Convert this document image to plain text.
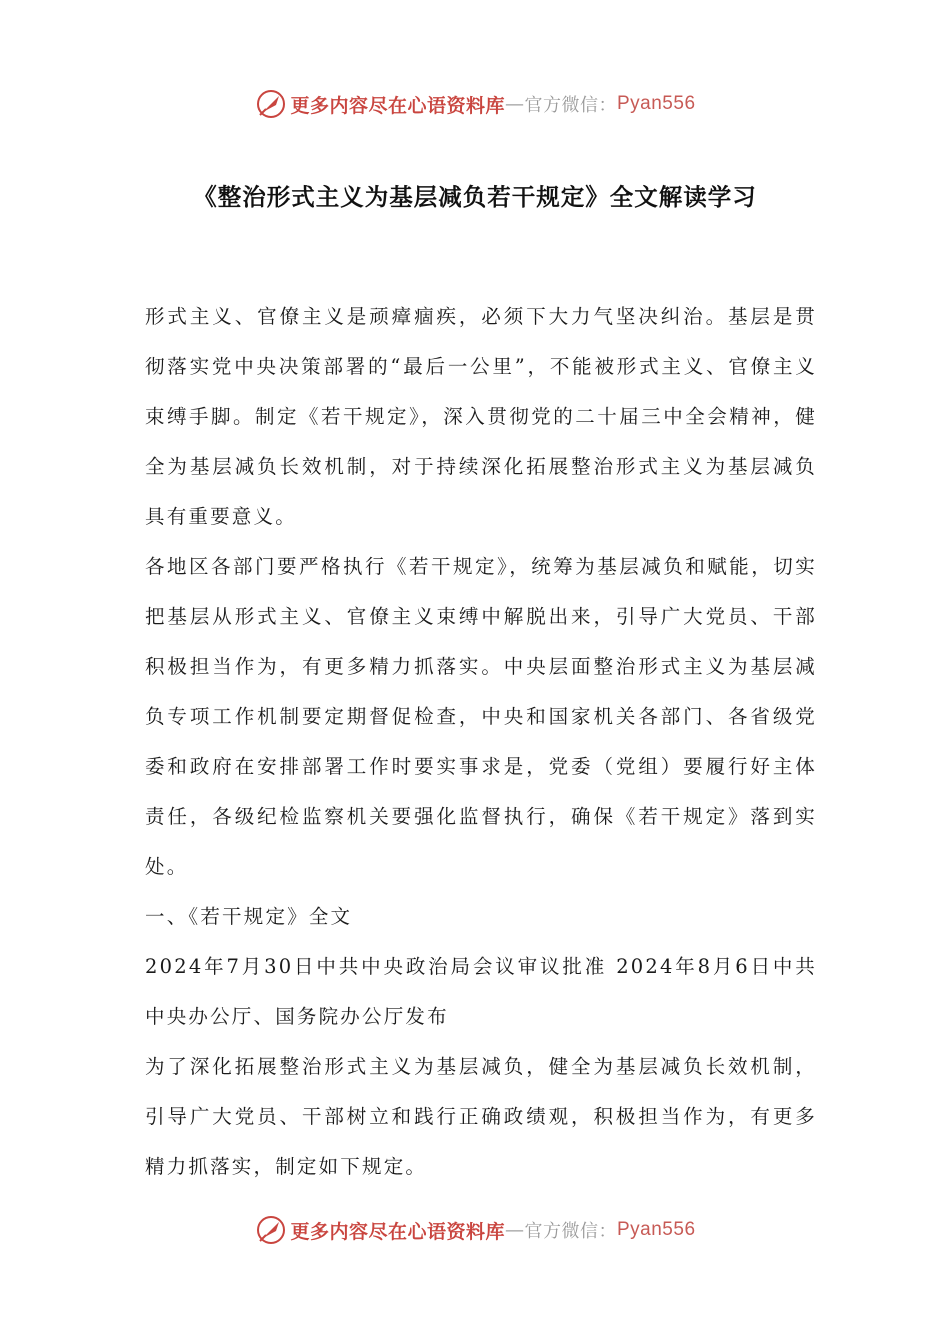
更多内容尽在心语资料库 — 官方微信： Pyan556
《整治形式主义为基层减负若干规定》全文解读学习

形式主义、官僚主义是顽瘴痼疾，必须下大力气坚决纠治。基层是贯彻落实党中央决策部署的“最后一公里”，不能被形式主义、官僚主义束缚手脚。制定《若干规定》，深入贯彻党的二十届三中全会精神，健全为基层减负长效机制，对于持续深化拓展整治形式主义为基层减负具有重要意义。

各地区各部门要严格执行《若干规定》，统筹为基层减负和赋能，切实把基层从形式主义、官僚主义束缚中解脱出来，引导广大党员、干部积极担当作为，有更多精力抓落实。中央层面整治形式主义为基层减负专项工作机制要定期督促检查，中央和国家机关各部门、各省级党委和政府在安排部署工作时要实事求是，党委（党组）要履行好主体责任，各级纪检监察机关要强化监督执行，确保《若干规定》落到实处。

一、《若干规定》全文

2024年7月30日中共中央政治局会议审议批准 2024年8月6日中共中央办公厅、国务院办公厅发布

为了深化拓展整治形式主义为基层减负，健全为基层减负长效机制，引导广大党员、干部树立和践行正确政绩观，积极担当作为，有更多精力抓落实，制定如下规定。

更多内容尽在心语资料库 — 官方微信： Pyan556
